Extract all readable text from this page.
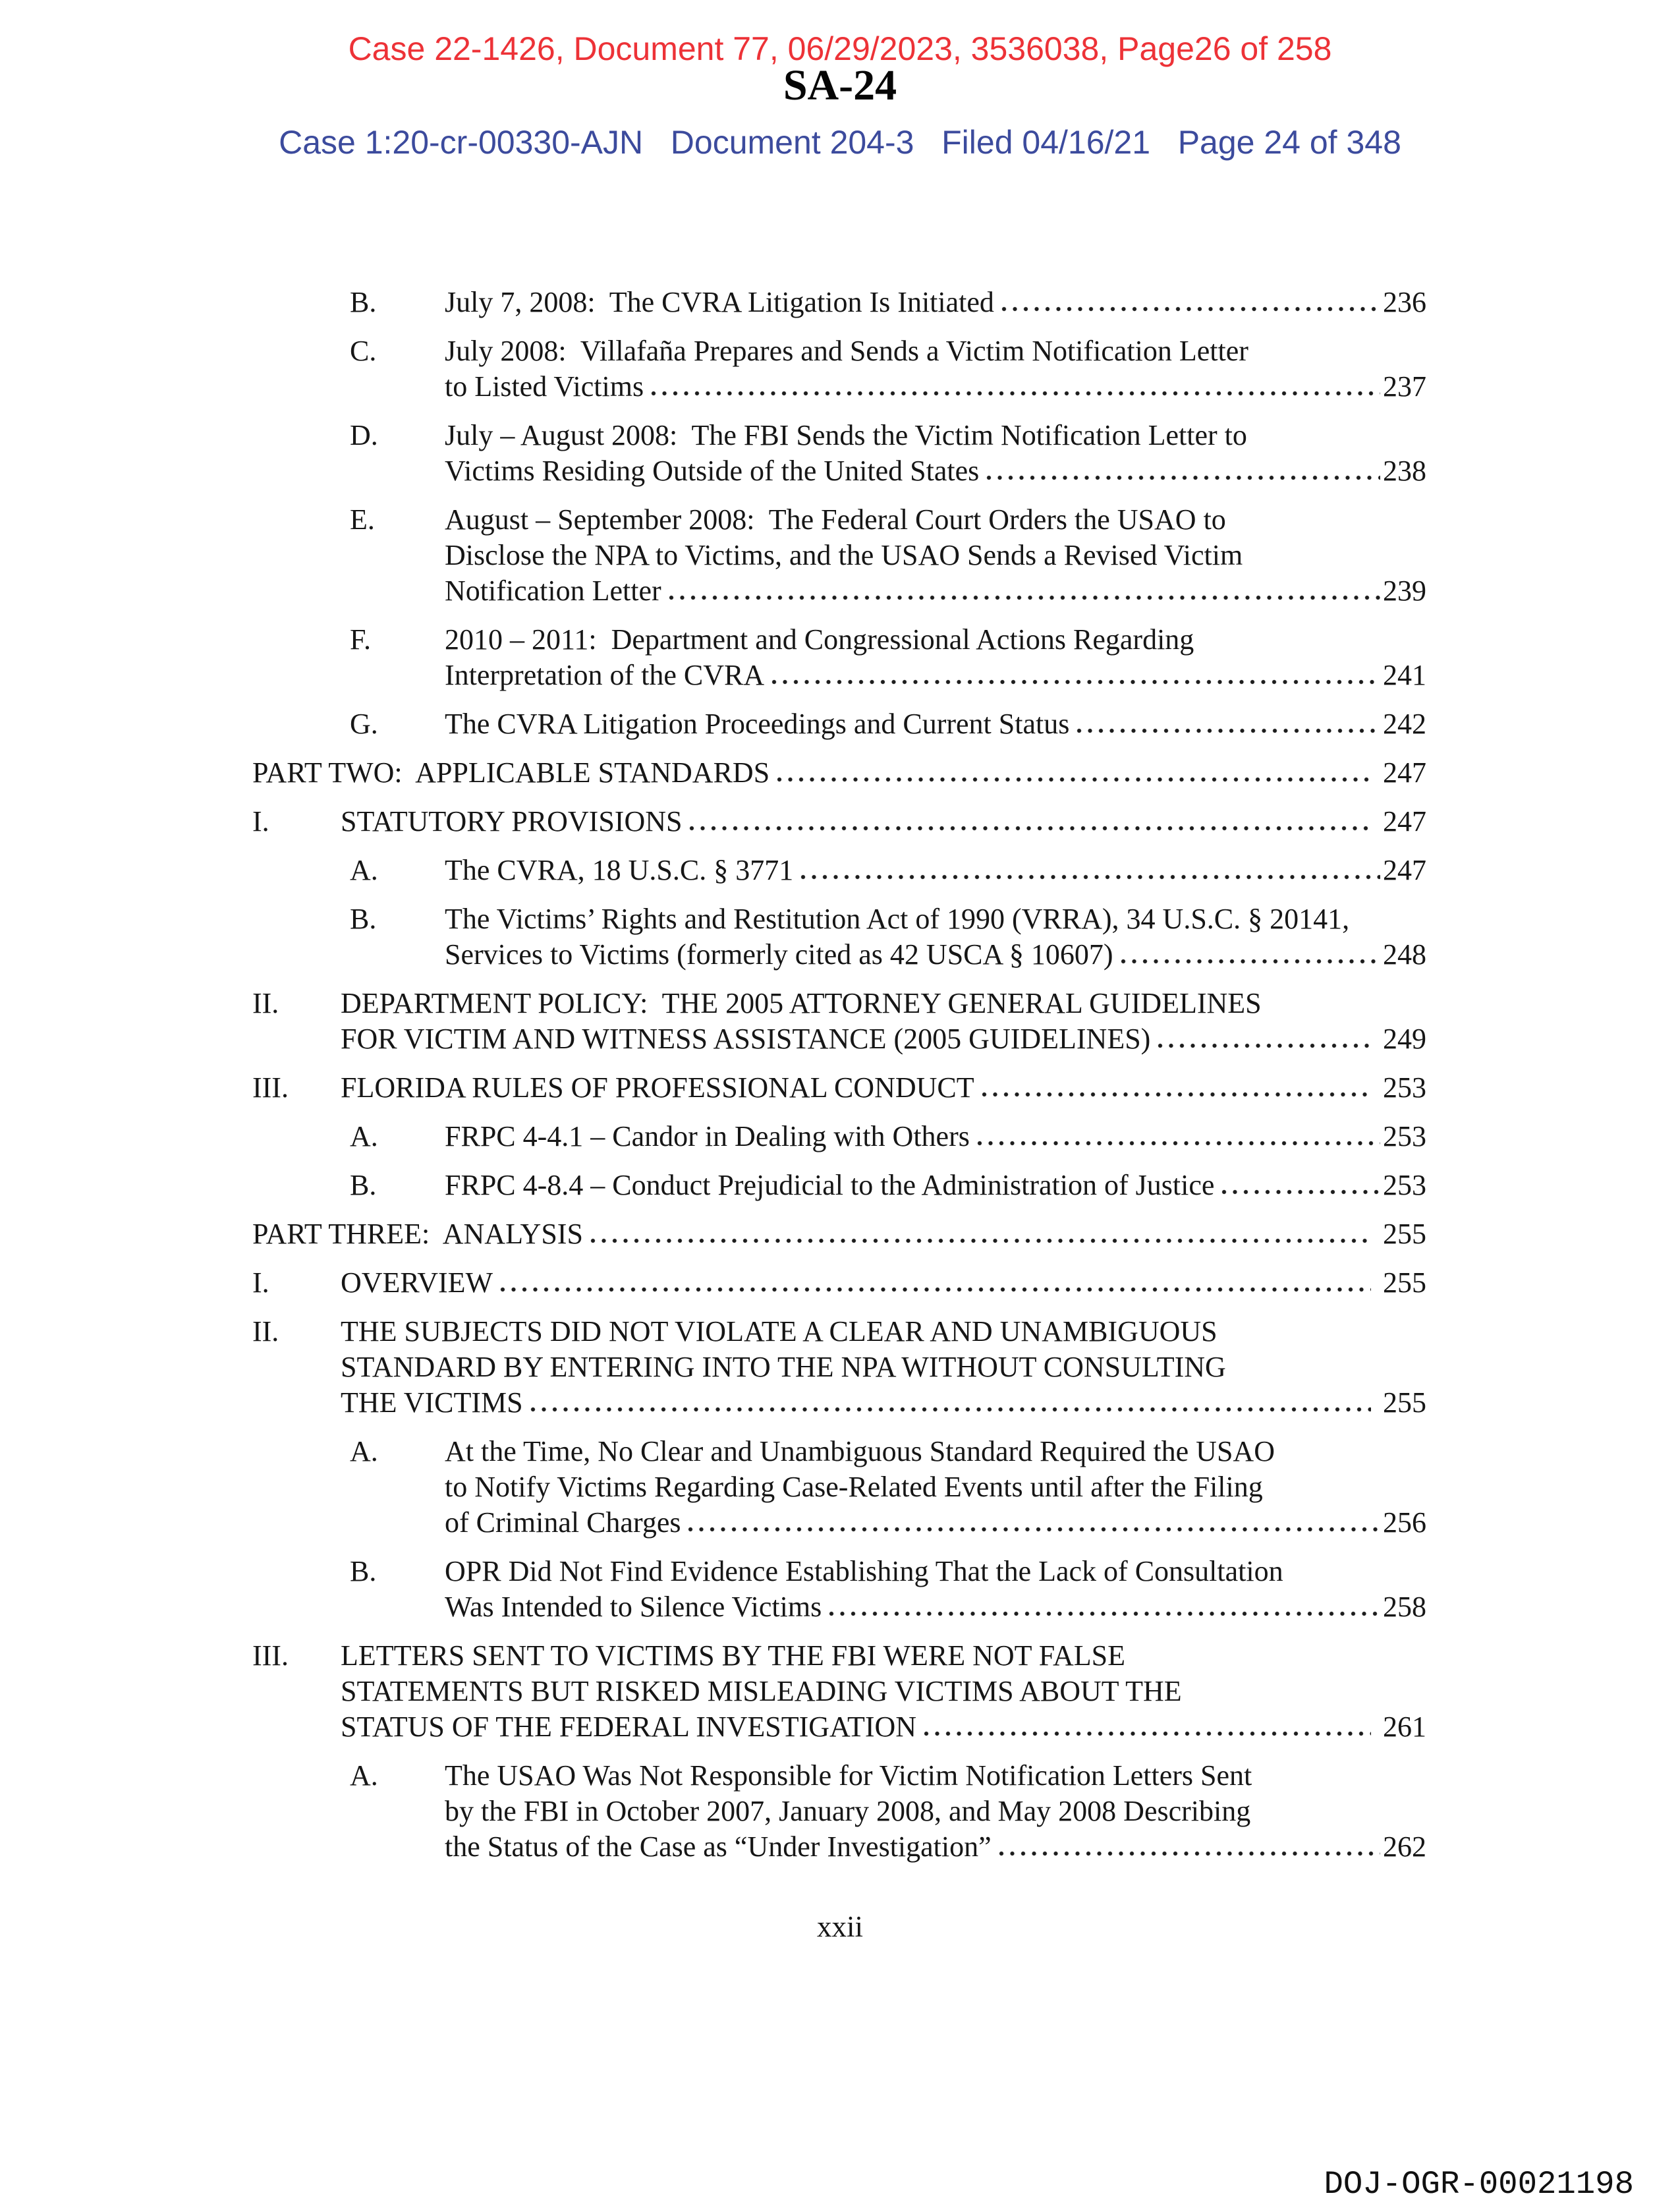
Case 22-1426, Document 77, 06/29/2023, 3536038, Page26 of 258
SA-24
Case 1:20-cr-00330-AJN   Document 204-3   Filed 04/16/21   Page 24 of 348
B.	July 7, 2008:  The CVRA Litigation Is Initiated	236
C.	July 2008:  Villafaña Prepares and Sends a Victim Notification Letter
to Listed Victims	237
D.	July – August 2008:  The FBI Sends the Victim Notification Letter to
Victims Residing Outside of the United States	238
E.	August – September 2008:  The Federal Court Orders the USAO to
Disclose the NPA to Victims, and the USAO Sends a Revised Victim
Notification Letter	239
F.	2010 – 2011:  Department and Congressional Actions Regarding
Interpretation of the CVRA	241
G.	The CVRA Litigation Proceedings and Current Status	242
PART TWO:  APPLICABLE STANDARDS	247
I.	STATUTORY PROVISIONS	247
A.	The CVRA, 18 U.S.C. § 3771	247
B.	The Victims’ Rights and Restitution Act of 1990 (VRRA), 34 U.S.C. § 20141,
Services to Victims (formerly cited as 42 USCA § 10607)	248
II.	DEPARTMENT POLICY:  THE 2005 ATTORNEY GENERAL GUIDELINES
FOR VICTIM AND WITNESS ASSISTANCE (2005 GUIDELINES)	249
III.	FLORIDA RULES OF PROFESSIONAL CONDUCT	253
A.	FRPC 4-4.1 – Candor in Dealing with Others	253
B.	FRPC 4-8.4 – Conduct Prejudicial to the Administration of Justice	253
PART THREE:  ANALYSIS	255
I.	OVERVIEW	255
II.	THE SUBJECTS DID NOT VIOLATE A CLEAR AND UNAMBIGUOUS
STANDARD BY ENTERING INTO THE NPA WITHOUT CONSULTING
THE VICTIMS	255
A.	At the Time, No Clear and Unambiguous Standard Required the USAO
to Notify Victims Regarding Case-Related Events until after the Filing
of Criminal Charges	256
B.	OPR Did Not Find Evidence Establishing That the Lack of Consultation
Was Intended to Silence Victims	258
III.	LETTERS SENT TO VICTIMS BY THE FBI WERE NOT FALSE
STATEMENTS BUT RISKED MISLEADING VICTIMS ABOUT THE
STATUS OF THE FEDERAL INVESTIGATION	261
A.	The USAO Was Not Responsible for Victim Notification Letters Sent
by the FBI in October 2007, January 2008, and May 2008 Describing
the Status of the Case as “Under Investigation”	262
xxii
DOJ-OGR-00021198
